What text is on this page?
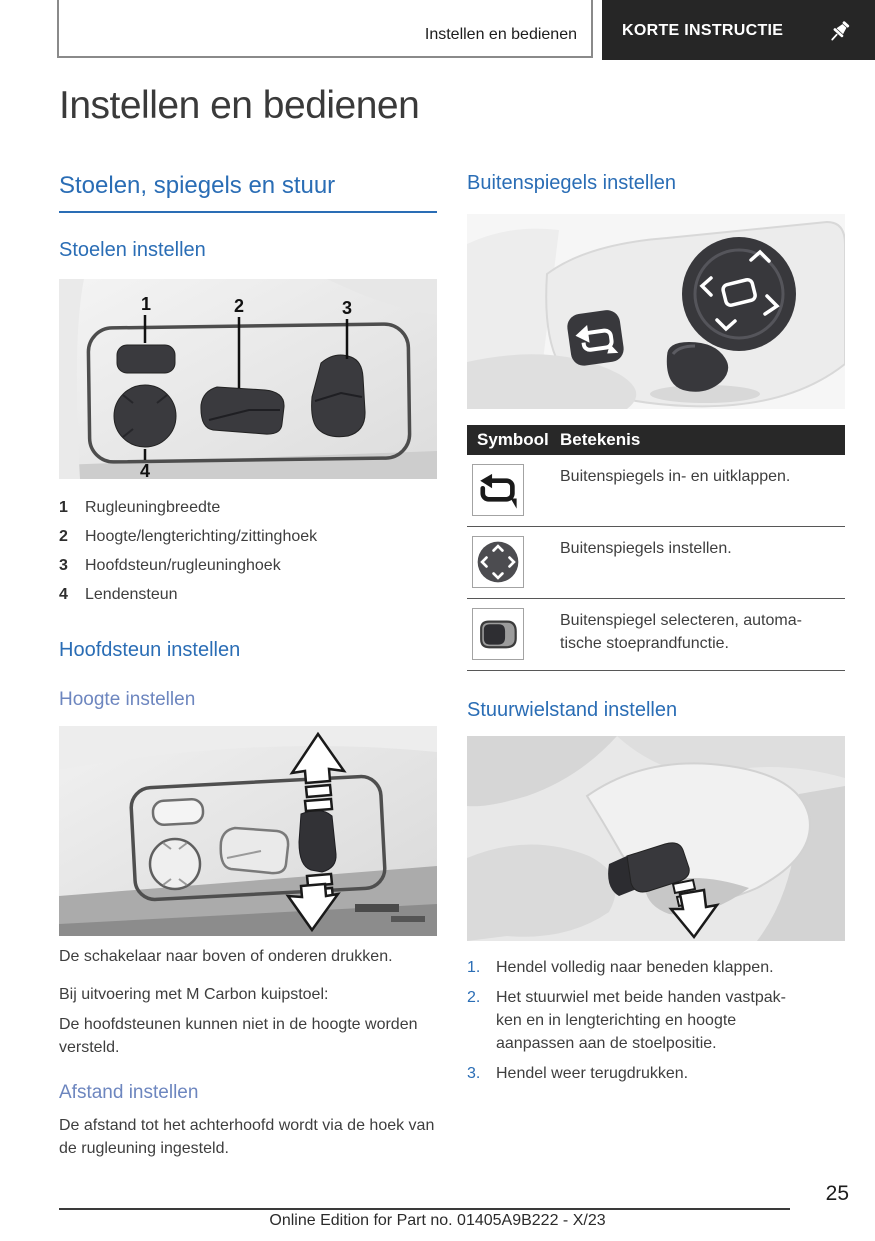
Instellen en bedienen	KORTE INSTRUCTIE
Instellen en bedienen
Stoelen, spiegels en stuur
Stoelen instellen
1	2	3
4
1	Rugleuningbreedte
2	Hoogte/lengterichting/zittinghoek
3	Hoofdsteun/rugleuninghoek
4	Lendensteun
Hoofdsteun instellen
Hoogte instellen

De schakelaar naar boven of onderen drukken.

Bij uitvoering met M Carbon kuipstoel:

De hoofdsteunen kunnen niet in de hoogte worden versteld.

Afstand instellen

De afstand tot het achterhoofd wordt via de hoek van de rugleuning ingesteld.

Buitenspiegels instellen
Symbool Betekenis
Buitenspiegels in- en uitklappen.
Buitenspiegels instellen.
Buitenspiegel selecteren, automatische stoeprandfunctie.
Stuurwielstand instellen
1. Hendel volledig naar beneden klappen.
2. Het stuurwiel met beide handen vastpakken en in lengterichting en hoogte aanpassen aan de stoelpositie.
3. Hendel weer terugdrukken.
25
Online Edition for Part no. 01405A9B222 - X/23
